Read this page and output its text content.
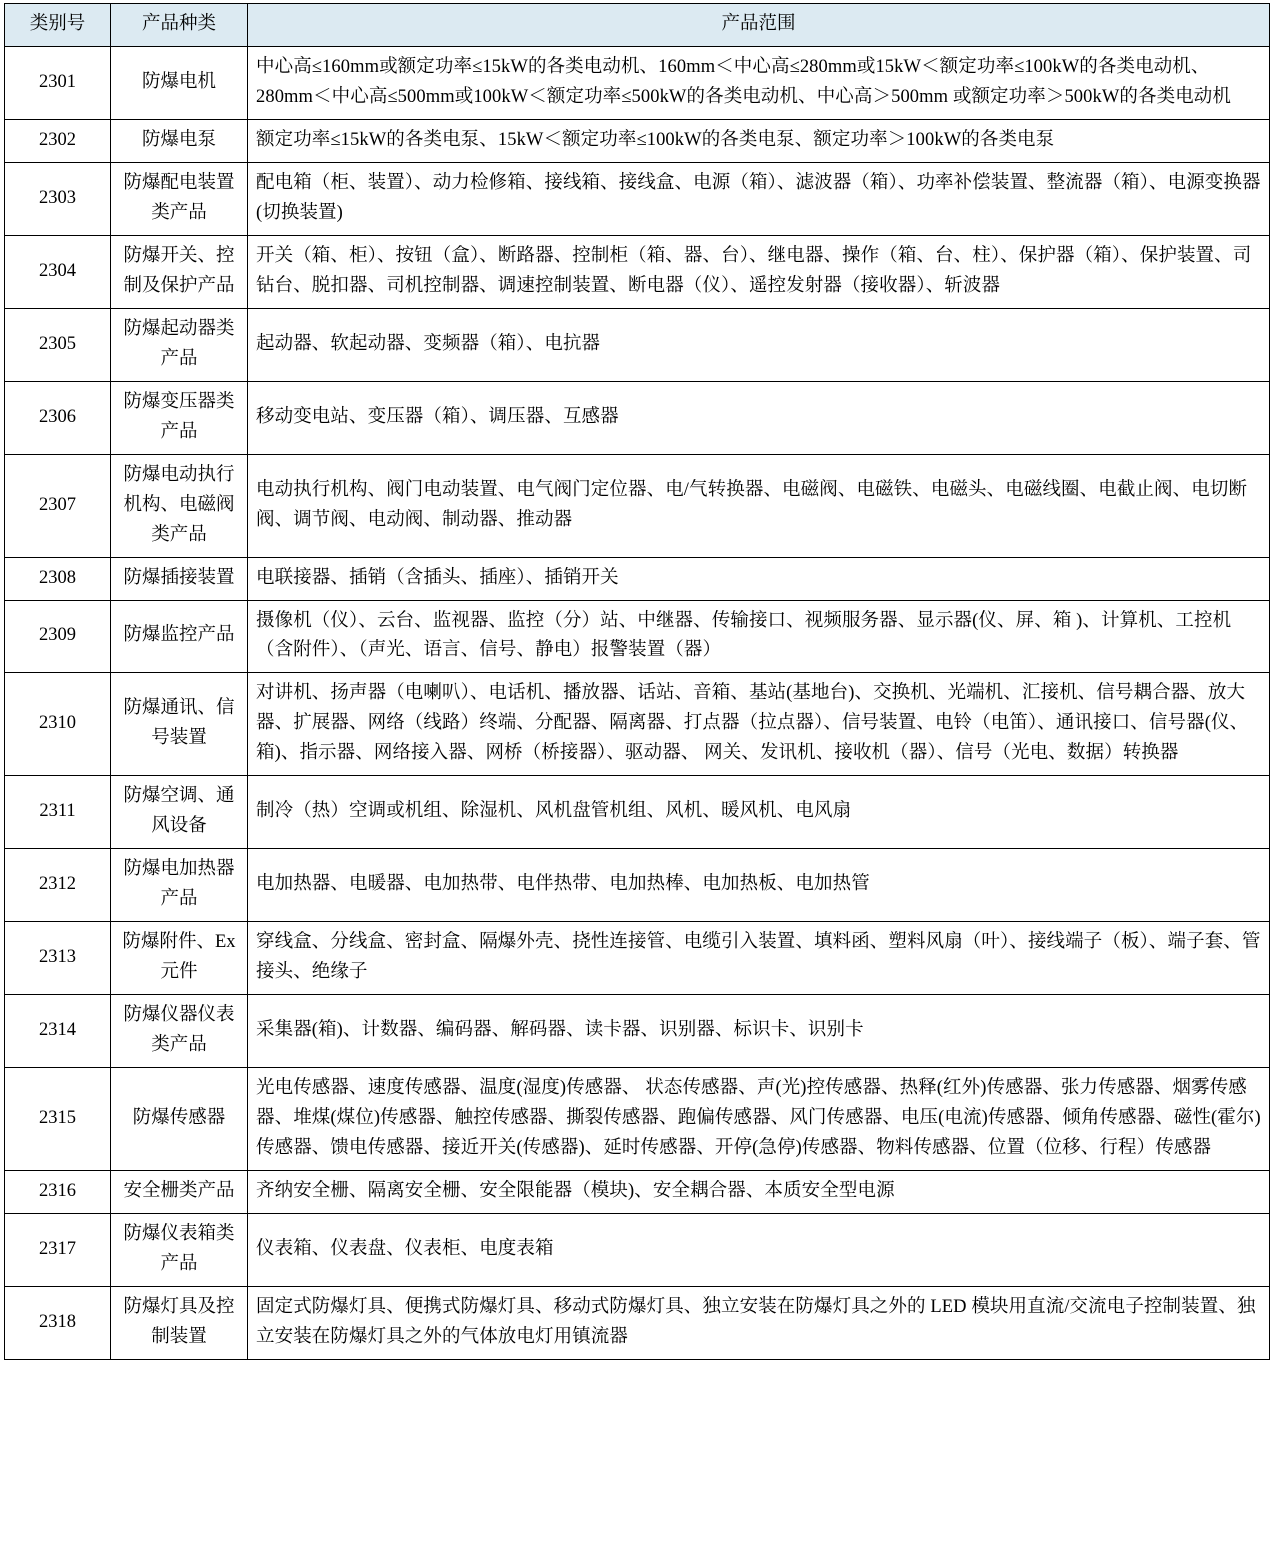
类别号	产品种类	产品范围
2301	防爆电机	中心高≤160mm或额定功率≤15kW的各类电动机、160mm＜中心高≤280mm或15kW＜额定功率≤100kW的各类电动机、280mm＜中心高≤500mm或100kW＜额定功率≤500kW的各类电动机、中心高＞500mm 或额定功率＞500kW的各类电动机
2302	防爆电泵	额定功率≤15kW的各类电泵、15kW＜额定功率≤100kW的各类电泵、额定功率＞100kW的各类电泵
2303	防爆配电装置类产品	配电箱（柜、装置）、动力检修箱、接线箱、接线盒、电源（箱）、滤波器（箱）、功率补偿装置、整流器（箱）、电源变换器(切换装置)
2304	防爆开关、控制及保护产品	开关（箱、柜）、按钮（盒）、断路器、控制柜（箱、器、台）、继电器、操作（箱、台、柱）、保护器（箱）、保护装置、司钻台、脱扣器、司机控制器、调速控制装置、断电器（仪）、遥控发射器（接收器）、斩波器
2305	防爆起动器类产品	起动器、软起动器、变频器（箱）、电抗器
2306	防爆变压器类产品	移动变电站、变压器（箱）、调压器、互感器
2307	防爆电动执行机构、电磁阀类产品	电动执行机构、阀门电动装置、电气阀门定位器、电/气转换器、电磁阀、电磁铁、电磁头、电磁线圈、电截止阀、电切断阀、调节阀、电动阀、制动器、推动器
2308	防爆插接装置	电联接器、插销（含插头、插座）、插销开关
2309	防爆监控产品	摄像机（仪）、云台、监视器、监控（分）站、中继器、传输接口、视频服务器、显示器(仪、屏、箱 )、计算机、工控机（含附件）、（声光、语言、信号、静电）报警装置（器）
2310	防爆通讯、信号装置	对讲机、扬声器（电喇叭）、电话机、播放器、话站、音箱、基站(基地台)、交换机、光端机、汇接机、信号耦合器、放大器、扩展器、网络（线路）终端、分配器、隔离器、打点器（拉点器）、信号装置、电铃（电笛）、通讯接口、信号器(仪、箱)、指示器、网络接入器、网桥（桥接器）、驱动器、 网关、发讯机、接收机（器）、信号（光电、数据）转换器
2311	防爆空调、通风设备	制冷（热）空调或机组、除湿机、风机盘管机组、风机、暖风机、电风扇
2312	防爆电加热器产品	电加热器、电暖器、电加热带、电伴热带、电加热棒、电加热板、电加热管
2313	防爆附件、Ex元件	穿线盒、分线盒、密封盒、隔爆外壳、挠性连接管、电缆引入装置、填料函、塑料风扇（叶）、接线端子（板）、端子套、管接头、绝缘子
2314	防爆仪器仪表类产品	采集器(箱)、计数器、编码器、解码器、读卡器、识别器、标识卡、识别卡
2315	防爆传感器	光电传感器、速度传感器、温度(湿度)传感器、 状态传感器、声(光)控传感器、热释(红外)传感器、张力传感器、烟雾传感器、堆煤(煤位)传感器、触控传感器、撕裂传感器、跑偏传感器、风门传感器、电压(电流)传感器、倾角传感器、磁性(霍尔)传感器、馈电传感器、接近开关(传感器)、延时传感器、开停(急停)传感器、物料传感器、位置（位移、行程）传感器
2316	安全栅类产品	齐纳安全栅、隔离安全栅、安全限能器（模块)、安全耦合器、本质安全型电源
2317	防爆仪表箱类产品	仪表箱、仪表盘、仪表柜、电度表箱
2318	防爆灯具及控制装置	固定式防爆灯具、便携式防爆灯具、移动式防爆灯具、独立安装在防爆灯具之外的 LED 模块用直流/交流电子控制装置、独立安装在防爆灯具之外的气体放电灯用镇流器
